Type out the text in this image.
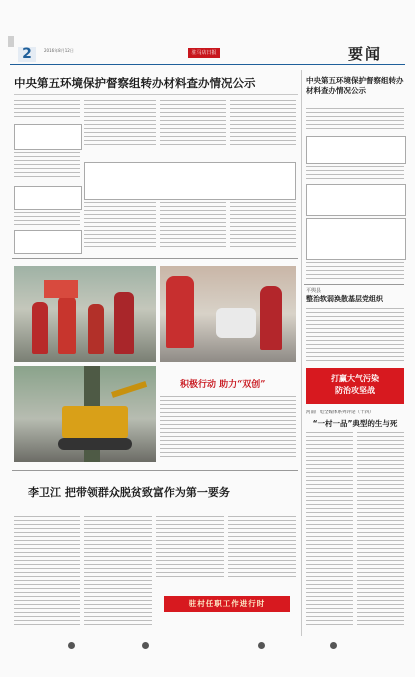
2	2016年8月12日	驻马店日报	要闻
中央第五环境保护督察组转办材料查办情况公示	中央第五环境保护督察组转办材料查办情况公示
平舆县
整治软弱涣散基层党组织
打赢大气污染
防治攻坚战
河南广电全媒体系列评论（十四）
“一村一品”典型的生与死
积极行动 助力“双创”
李卫江 把带领群众脱贫致富作为第一要务
驻村任职工作进行时
